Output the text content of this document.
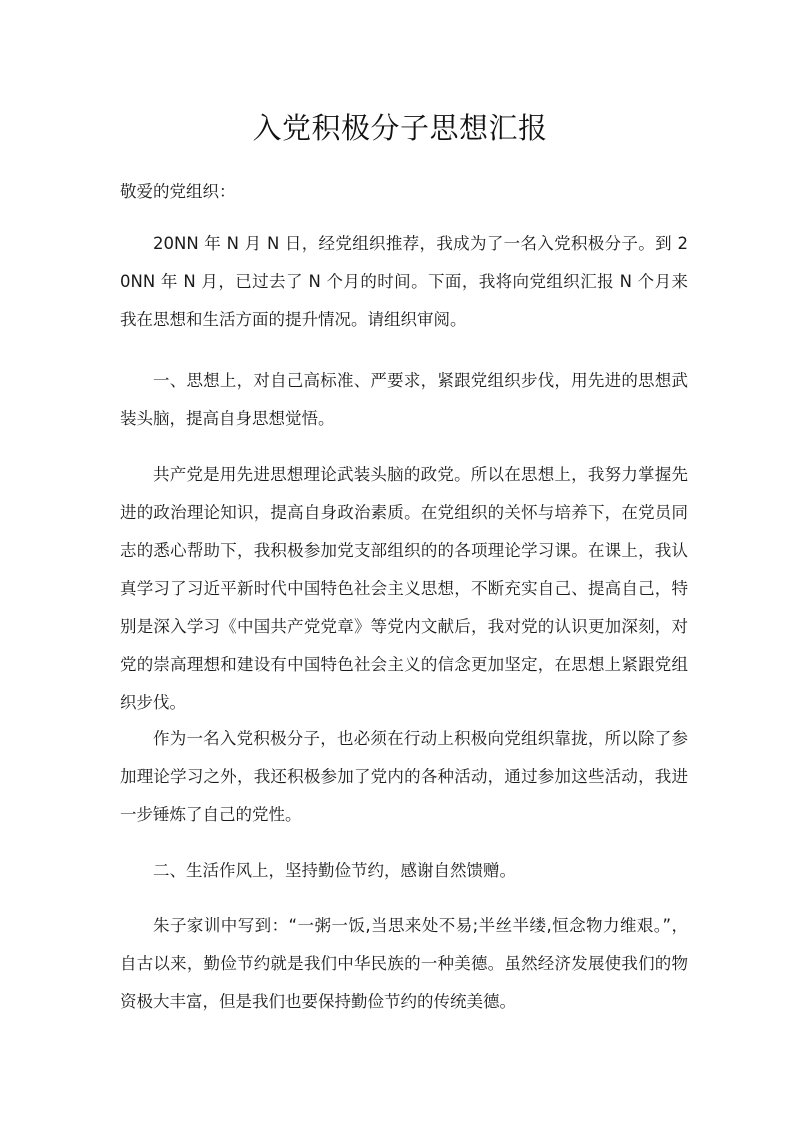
入党积极分子思想汇报

敬爱的党组织：

20NN 年 N 月 N 日，经党组织推荐，我成为了一名入党积极分子。到 20NN 年 N 月，已过去了 N 个月的时间。下面，我将向党组织汇报 N 个月来我在思想和生活方面的提升情况。请组织审阅。

一、思想上，对自己高标准、严要求，紧跟党组织步伐，用先进的思想武装头脑，提高自身思想觉悟。

共产党是用先进思想理论武装头脑的政党。所以在思想上，我努力掌握先进的政治理论知识，提高自身政治素质。在党组织的关怀与培养下，在党员同志的悉心帮助下，我积极参加党支部组织的的各项理论学习课。在课上，我认真学习了习近平新时代中国特色社会主义思想，不断充实自己、提高自己，特别是深入学习《中国共产党党章》等党内文献后，我对党的认识更加深刻，对党的崇高理想和建设有中国特色社会主义的信念更加坚定，在思想上紧跟党组织步伐。

作为一名入党积极分子，也必须在行动上积极向党组织靠拢，所以除了参加理论学习之外，我还积极参加了党内的各种活动，通过参加这些活动，我进一步锤炼了自己的党性。

二、生活作风上，坚持勤俭节约，感谢自然馈赠。

朱子家训中写到：“一粥一饭,当思来处不易;半丝半缕,恒念物力维艰。”，自古以来，勤俭节约就是我们中华民族的一种美德。虽然经济发展使我们的物资极大丰富，但是我们也要保持勤俭节约的传统美德。
